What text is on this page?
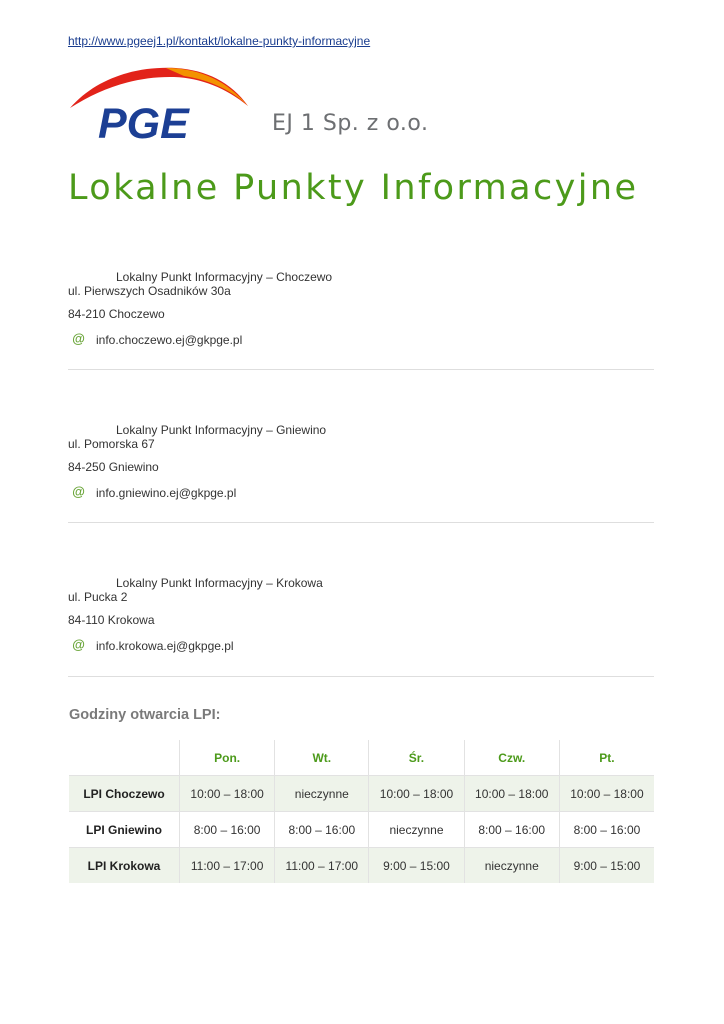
http://www.pgeej1.pl/kontakt/lokalne-punkty-informacyjne
PGE	EJ 1 Sp. z o.o.
Lokalne Punkty Informacyjne
Lokalny Punkt Informacyjny – Choczewo
ul. Pierwszych Osadników 30a
84-210 Choczewo
@ info.choczewo.ej@gkpge.pl
Lokalny Punkt Informacyjny – Gniewino
ul. Pomorska 67
84-250 Gniewino
@ info.gniewino.ej@gkpge.pl
Lokalny Punkt Informacyjny – Krokowa
ul. Pucka 2
84-110 Krokowa
@ info.krokowa.ej@gkpge.pl
Godziny otwarcia LPI:
	Pon.	Wt.	Śr.	Czw.	Pt.
LPI Choczewo	10:00 – 18:00	nieczynne	10:00 – 18:00	10:00 – 18:00	10:00 – 18:00
LPI Gniewino	8:00 – 16:00	8:00 – 16:00	nieczynne	8:00 – 16:00	8:00 – 16:00
LPI Krokowa	11:00 – 17:00	11:00 – 17:00	9:00 – 15:00	nieczynne	9:00 – 15:00
